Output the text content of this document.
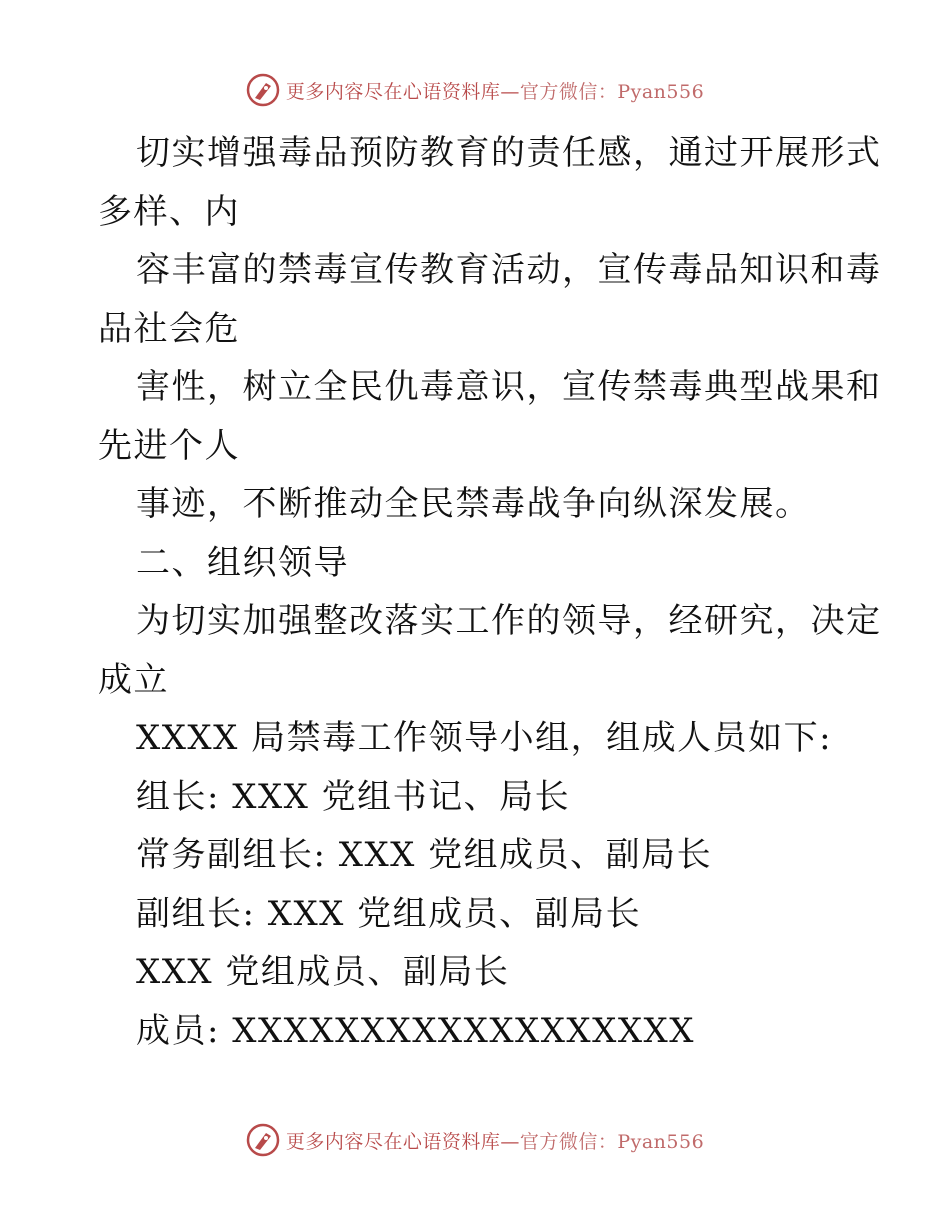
更多内容尽在心语资料库—官方微信：Pyan556
切实增强毒品预防教育的责任感，通过开展形式
多样、内
容丰富的禁毒宣传教育活动，宣传毒品知识和毒
品社会危
害性，树立全民仇毒意识，宣传禁毒典型战果和
先进个人
事迹，不断推动全民禁毒战争向纵深发展。
二、组织领导
为切实加强整改落实工作的领导，经研究，决定
成立
XXXX 局禁毒工作领导小组，组成人员如下:
组长: XXX 党组书记、局长
常务副组长: XXX 党组成员、副局长
副组长: XXX 党组成员、副局长
XXX 党组成员、副局长
成员: XXXXXXXXXXXXXXXXXX
更多内容尽在心语资料库—官方微信：Pyan556
